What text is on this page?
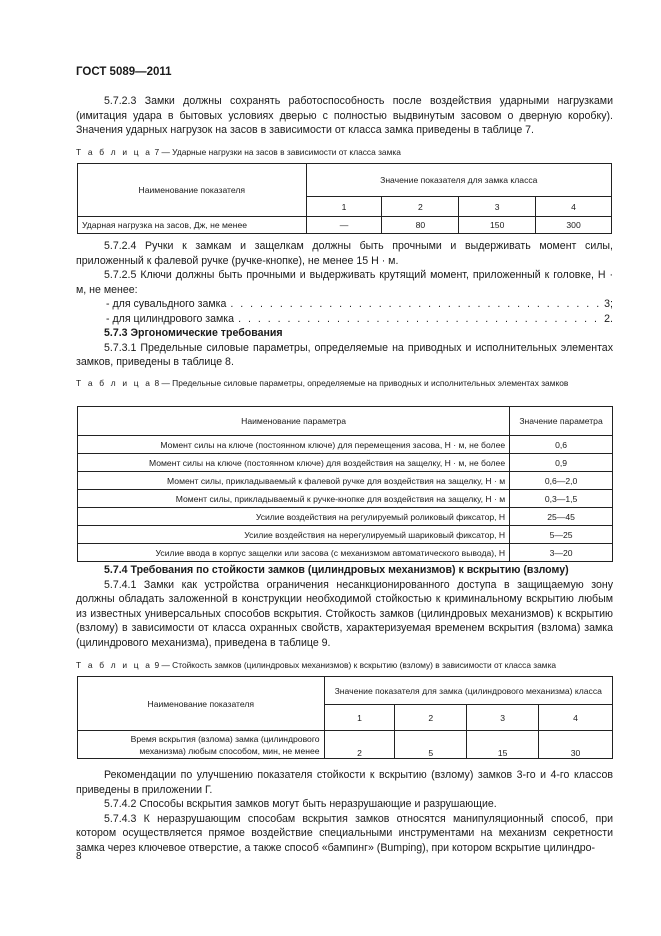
ГОСТ 5089—2011

5.7.2.3 Замки должны сохранять работоспособность после воздействия ударными нагрузками (имитация удара в бытовых условиях дверью с полностью выдвинутым засовом о дверную коробку). Значения ударных нагрузок на засов в зависимости от класса замка приведены в таблице 7.

Т а б л и ц а 7 — Ударные нагрузки на засов в зависимости от класса замка
Наименование показателя	Значение показателя для замка класса			
	1	2	3	4
Ударная нагрузка на засов, Дж, не менее	—	80	150	300

5.7.2.4 Ручки к замкам и защелкам должны быть прочными и выдерживать момент силы, приложенный к фалевой ручке (ручке-кнопке), не менее 15 Н · м.

5.7.2.5 Ключи должны быть прочными и выдерживать крутящий момент, приложенный к головке, Н · м, не менее:

- для сувальдного замка . . .	3;
- для цилиндрового замка . . .	2.

5.7.3 Эргономические требования

5.7.3.1 Предельные силовые параметры, определяемые на приводных и исполнительных элементах замков, приведены в таблице 8.

Т а б л и ц а 8 — Предельные силовые параметры, определяемые на приводных и исполнительных элементах замков
Наименование параметра	Значение параметра
Момент силы на ключе (постоянном ключе) для перемещения засова, Н · м, не более	0,6
Момент силы на ключе (постоянном ключе) для воздействия на защелку, Н · м, не более	0,9
Момент силы, прикладываемый к фалевой ручке для воздействия на защелку, Н · м	0,6—2,0
Момент силы, прикладываемый к ручке-кнопке для воздействия на защелку, Н · м	0,3—1,5
Усилие воздействия на регулируемый роликовый фиксатор, Н	25—45
Усилие воздействия на нерегулируемый шариковый фиксатор, Н	5—25
Усилие ввода в корпус защелки или засова (с механизмом автоматического вывода), Н	3—20

5.7.4 Требования по стойкости замков (цилиндровых механизмов) к вскрытию (взлому)

5.7.4.1 Замки как устройства ограничения несанкционированного доступа в защищаемую зону должны обладать заложенной в конструкции необходимой стойкостью к криминальному вскрытию любым из известных универсальных способов вскрытия. Стойкость замков (цилиндровых механизмов) к вскрытию (взлому) в зависимости от класса охранных свойств, характеризуемая временем вскрытия (взлома) замка (цилиндрового механизма), приведена в таблице 9.

Т а б л и ц а 9 — Стойкость замков (цилиндровых механизмов) к вскрытию (взлому) в зависимости от класса замка
Наименование показателя	Значение показателя для замка (цилиндрового механизма) класса			
	1	2	3	4
Время вскрытия (взлома) замка (цилиндрового механизма) любым способом, мин, не менее	2	5	15	30

Рекомендации по улучшению показателя стойкости к вскрытию (взлому) замков 3-го и 4-го классов приведены в приложении Г.

5.7.4.2 Способы вскрытия замков могут быть неразрушающие и разрушающие.

5.7.4.3 К неразрушающим способам вскрытия замков относятся манипуляционный способ, при котором осуществляется прямое воздействие специальными инструментами на механизм секретности замка через ключевое отверстие, а также способ «бампинг» (Bumping), при котором вскрытие цилиндро-

8
